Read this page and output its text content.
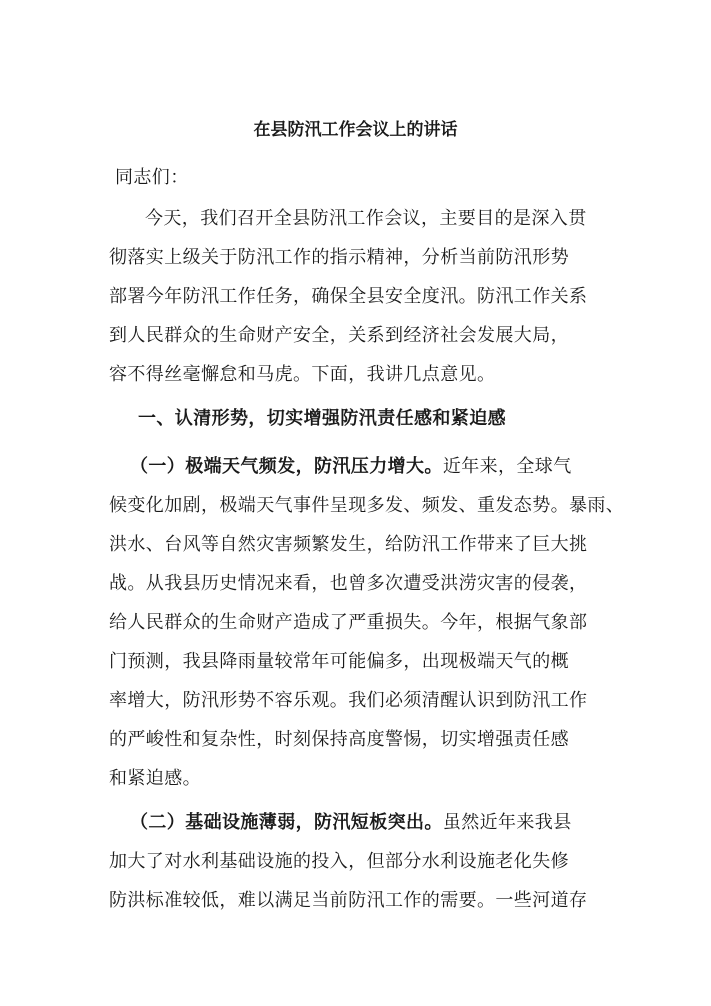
在县防汛工作会议上的讲话
同志们：
今天，我们召开全县防汛工作会议，主要目的是深入贯
彻落实上级关于防汛工作的指示精神，分析当前防汛形势
部署今年防汛工作任务，确保全县安全度汛。防汛工作关系
到人民群众的生命财产安全，关系到经济社会发展大局，
容不得丝毫懈怠和马虎。下面，我讲几点意见。
一、认清形势，切实增强防汛责任感和紧迫感
（一）极端天气频发，防汛压力增大。近年来，全球气
候变化加剧，极端天气事件呈现多发、频发、重发态势。暴雨、
洪水、台风等自然灾害频繁发生，给防汛工作带来了巨大挑
战。从我县历史情况来看，也曾多次遭受洪涝灾害的侵袭，
给人民群众的生命财产造成了严重损失。今年，根据气象部
门预测，我县降雨量较常年可能偏多，出现极端天气的概
率增大，防汛形势不容乐观。我们必须清醒认识到防汛工作
的严峻性和复杂性，时刻保持高度警惕，切实增强责任感
和紧迫感。
（二）基础设施薄弱，防汛短板突出。虽然近年来我县
加大了对水利基础设施的投入，但部分水利设施老化失修
防洪标准较低，难以满足当前防汛工作的需要。一些河道存
